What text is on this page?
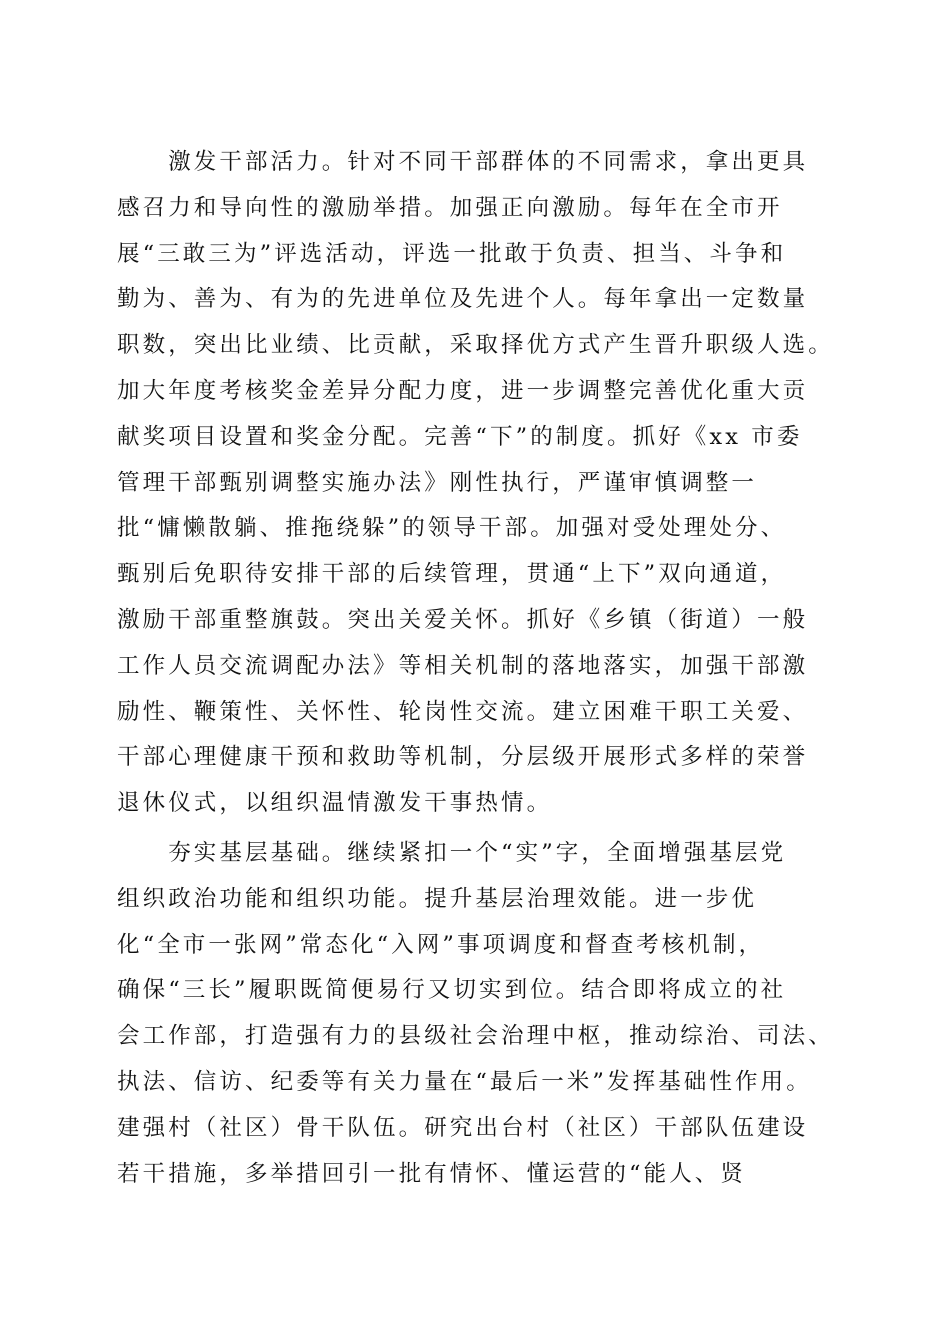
　　激发干部活力。针对不同干部群体的不同需求，拿出更具
感召力和导向性的激励举措。加强正向激励。每年在全市开
展“三敢三为”评选活动，评选一批敢于负责、担当、斗争和
勤为、善为、有为的先进单位及先进个人。每年拿出一定数量
职数，突出比业绩、比贡献，采取择优方式产生晋升职级人选。
加大年度考核奖金差异分配力度，进一步调整完善优化重大贡
献奖项目设置和奖金分配。完善“下”的制度。抓好《xx 市委
管理干部甄别调整实施办法》刚性执行，严谨审慎调整一
批“慵懒散躺、推拖绕躲”的领导干部。加强对受处理处分、
甄别后免职待安排干部的后续管理，贯通“上下”双向通道，
激励干部重整旗鼓。突出关爱关怀。抓好《乡镇（街道）一般
工作人员交流调配办法》等相关机制的落地落实，加强干部激
励性、鞭策性、关怀性、轮岗性交流。建立困难干职工关爱、
干部心理健康干预和救助等机制，分层级开展形式多样的荣誉
退休仪式，以组织温情激发干事热情。

　　夯实基层基础。继续紧扣一个“实”字，全面增强基层党
组织政治功能和组织功能。提升基层治理效能。进一步优
化“全市一张网”常态化“入网”事项调度和督查考核机制，
确保“三长”履职既简便易行又切实到位。结合即将成立的社
会工作部，打造强有力的县级社会治理中枢，推动综治、司法、
执法、信访、纪委等有关力量在“最后一米”发挥基础性作用。
建强村（社区）骨干队伍。研究出台村（社区）干部队伍建设
若干措施，多举措回引一批有情怀、懂运营的“能人、贤
